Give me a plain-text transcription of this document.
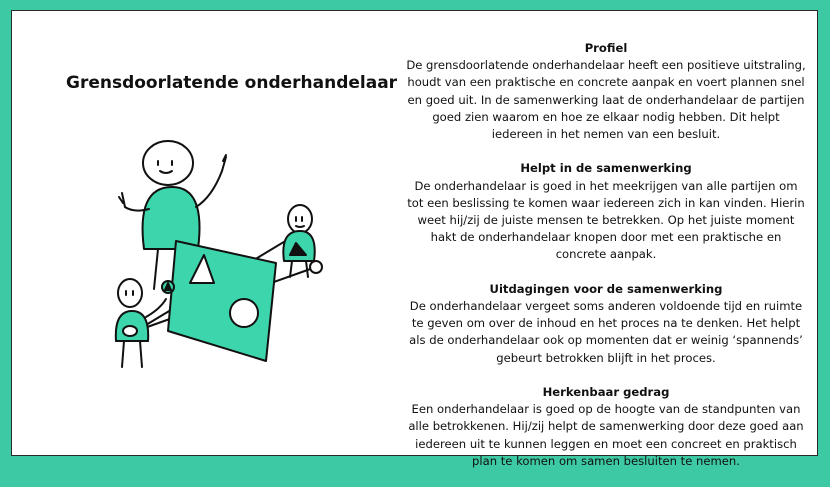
Grensdoorlatende onderhandelaar
Profiel

De grensdoorlatende onderhandelaar heeft een positieve uitstraling, houdt van een praktische en concrete aanpak en voert plannen snel en goed uit. In de samenwerking laat de onderhandelaar de partijen goed zien waarom en hoe ze elkaar nodig hebben. Dit helpt iedereen in het nemen van een besluit.

Helpt in de samenwerking

De onderhandelaar is goed in het meekrijgen van alle partijen om tot een beslissing te komen waar iedereen zich in kan vinden. Hierin weet hij/zij de juiste mensen te betrekken. Op het juiste moment hakt de onderhandelaar knopen door met een praktische en concrete aanpak.

Uitdagingen voor de samenwerking

De onderhandelaar vergeet soms anderen voldoende tijd en ruimte te geven om over de inhoud en het proces na te denken. Het helpt als de onderhandelaar ook op momenten dat er weinig ‘spannends’ gebeurt betrokken blijft in het proces.

Herkenbaar gedrag

Een onderhandelaar is goed op de hoogte van de standpunten van alle betrokkenen. Hij/zij helpt de samenwerking door deze goed aan iedereen uit te kunnen leggen en moet een concreet en praktisch plan te komen om samen besluiten te nemen.
